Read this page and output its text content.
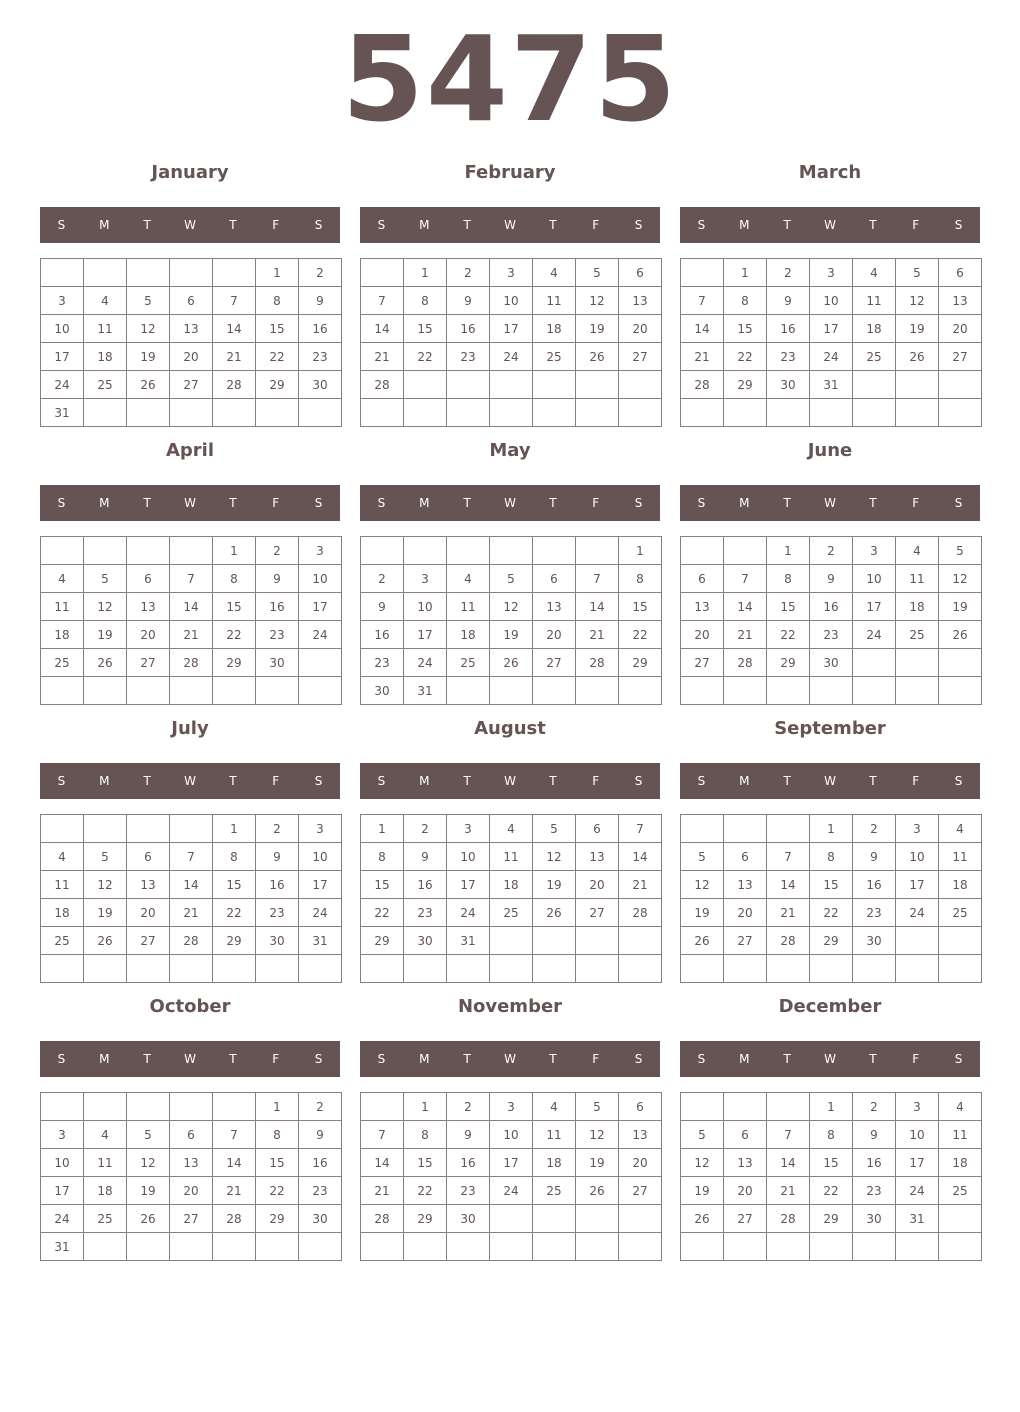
5475
January
S	M	T	W	T	F	S
					1	2
3	4	5	6	7	8	9
10	11	12	13	14	15	16
17	18	19	20	21	22	23
24	25	26	27	28	29	30
31						
February
S	M	T	W	T	F	S
	1	2	3	4	5	6
7	8	9	10	11	12	13
14	15	16	17	18	19	20
21	22	23	24	25	26	27
28						

March
S	M	T	W	T	F	S
	1	2	3	4	5	6
7	8	9	10	11	12	13
14	15	16	17	18	19	20
21	22	23	24	25	26	27
28	29	30	31			

April
S	M	T	W	T	F	S
				1	2	3
4	5	6	7	8	9	10
11	12	13	14	15	16	17
18	19	20	21	22	23	24
25	26	27	28	29	30	

May
S	M	T	W	T	F	S
						1
2	3	4	5	6	7	8
9	10	11	12	13	14	15
16	17	18	19	20	21	22
23	24	25	26	27	28	29
30	31					
June
S	M	T	W	T	F	S
		1	2	3	4	5
6	7	8	9	10	11	12
13	14	15	16	17	18	19
20	21	22	23	24	25	26
27	28	29	30			

July
S	M	T	W	T	F	S
				1	2	3
4	5	6	7	8	9	10
11	12	13	14	15	16	17
18	19	20	21	22	23	24
25	26	27	28	29	30	31

August
S	M	T	W	T	F	S
1	2	3	4	5	6	7
8	9	10	11	12	13	14
15	16	17	18	19	20	21
22	23	24	25	26	27	28
29	30	31				

September
S	M	T	W	T	F	S
			1	2	3	4
5	6	7	8	9	10	11
12	13	14	15	16	17	18
19	20	21	22	23	24	25
26	27	28	29	30		

October
S	M	T	W	T	F	S
					1	2
3	4	5	6	7	8	9
10	11	12	13	14	15	16
17	18	19	20	21	22	23
24	25	26	27	28	29	30
31						
November
S	M	T	W	T	F	S
	1	2	3	4	5	6
7	8	9	10	11	12	13
14	15	16	17	18	19	20
21	22	23	24	25	26	27
28	29	30				

December
S	M	T	W	T	F	S
			1	2	3	4
5	6	7	8	9	10	11
12	13	14	15	16	17	18
19	20	21	22	23	24	25
26	27	28	29	30	31	
